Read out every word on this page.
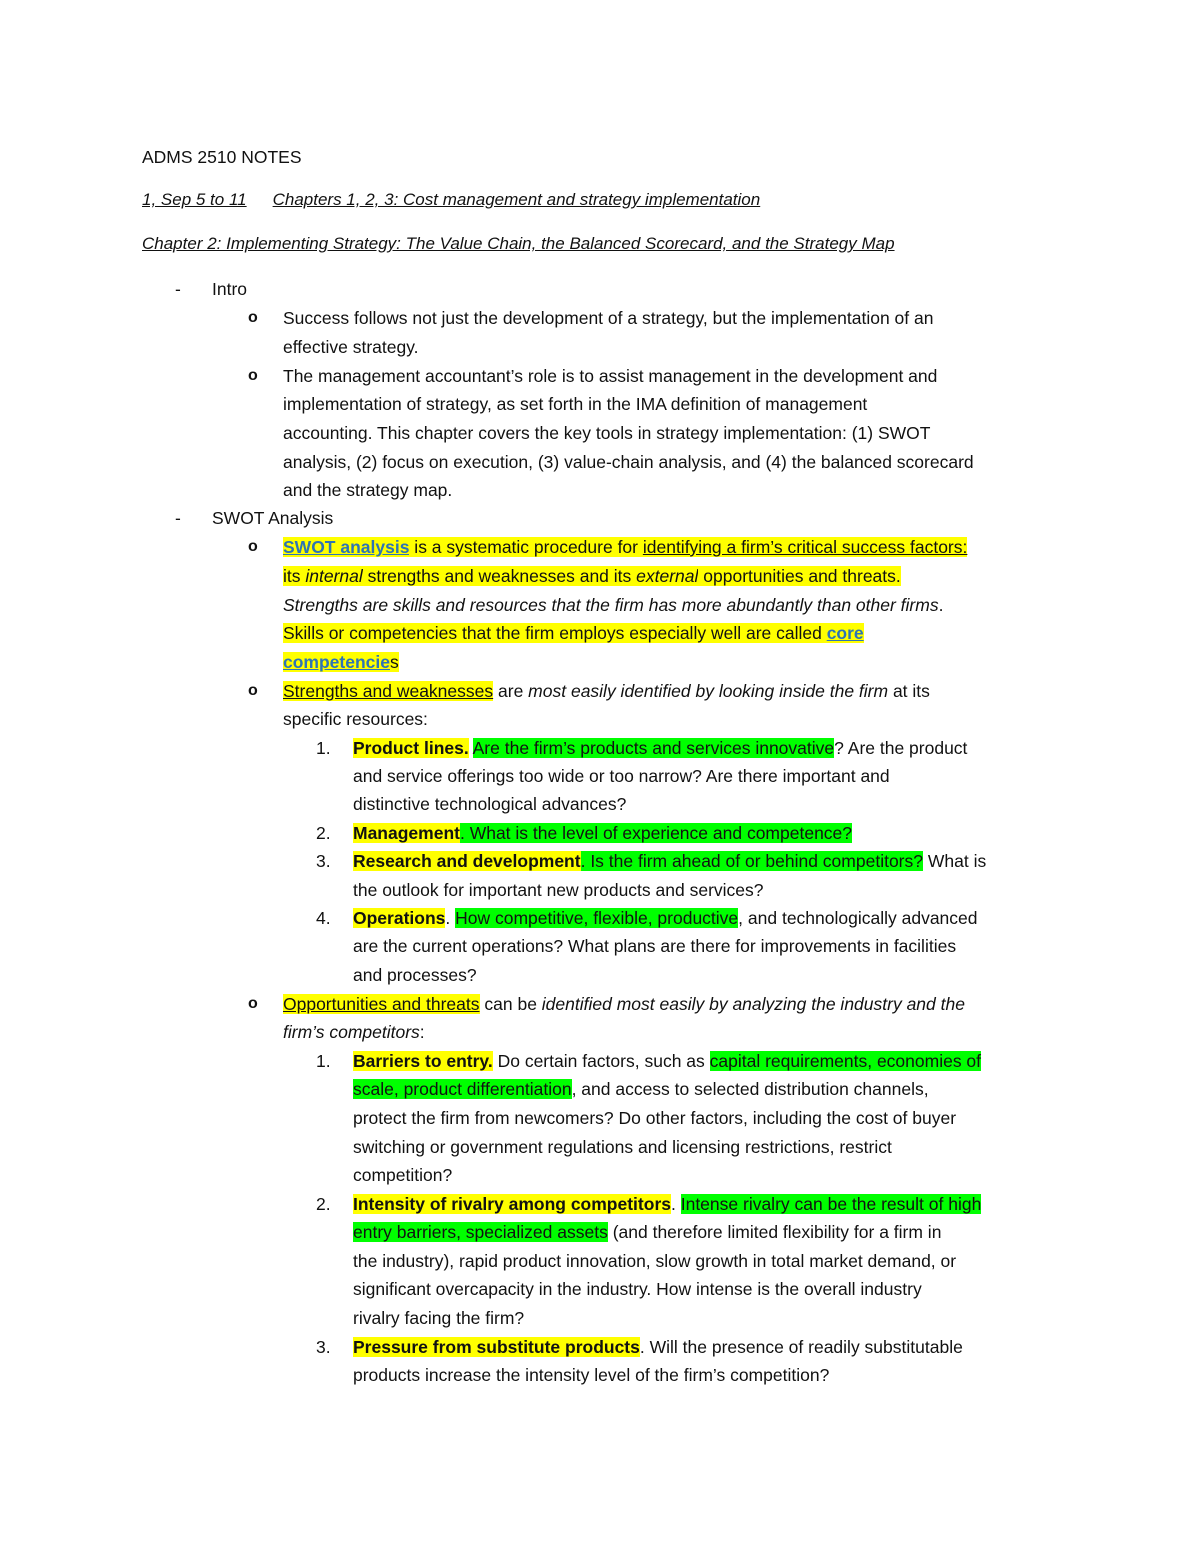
ADMS 2510 NOTES
1, Sep 5 to 11 Chapters 1, 2, 3: Cost management and strategy implementation
Chapter 2: Implementing Strategy: The Value Chain, the Balanced Scorecard, and the Strategy Map
- Intro
o Success follows not just the development of a strategy, but the implementation of an
effective strategy.
o The management accountant’s role is to assist management in the development and
implementation of strategy, as set forth in the IMA definition of management
accounting. This chapter covers the key tools in strategy implementation: (1) SWOT
analysis, (2) focus on execution, (3) value-chain analysis, and (4) the balanced scorecard
and the strategy map.
- SWOT Analysis
o SWOT analysis is a systematic procedure for identifying a firm’s critical success factors:
its internal strengths and weaknesses and its external opportunities and threats.
Strengths are skills and resources that the firm has more abundantly than other firms.
Skills or competencies that the firm employs especially well are called core
competencies
o Strengths and weaknesses are most easily identified by looking inside the firm at its
specific resources:
1. Product lines. Are the firm’s products and services innovative? Are the product
and service offerings too wide or too narrow? Are there important and
distinctive technological advances?
2. Management. What is the level of experience and competence?
3. Research and development. Is the firm ahead of or behind competitors? What is
the outlook for important new products and services?
4. Operations. How competitive, flexible, productive, and technologically advanced
are the current operations? What plans are there for improvements in facilities
and processes?
o Opportunities and threats can be identified most easily by analyzing the industry and the
firm’s competitors:
1. Barriers to entry. Do certain factors, such as capital requirements, economies of
scale, product differentiation, and access to selected distribution channels,
protect the firm from newcomers? Do other factors, including the cost of buyer
switching or government regulations and licensing restrictions, restrict
competition?
2. Intensity of rivalry among competitors. Intense rivalry can be the result of high
entry barriers, specialized assets (and therefore limited flexibility for a firm in
the industry), rapid product innovation, slow growth in total market demand, or
significant overcapacity in the industry. How intense is the overall industry
rivalry facing the firm?
3. Pressure from substitute products. Will the presence of readily substitutable
products increase the intensity level of the firm’s competition?
